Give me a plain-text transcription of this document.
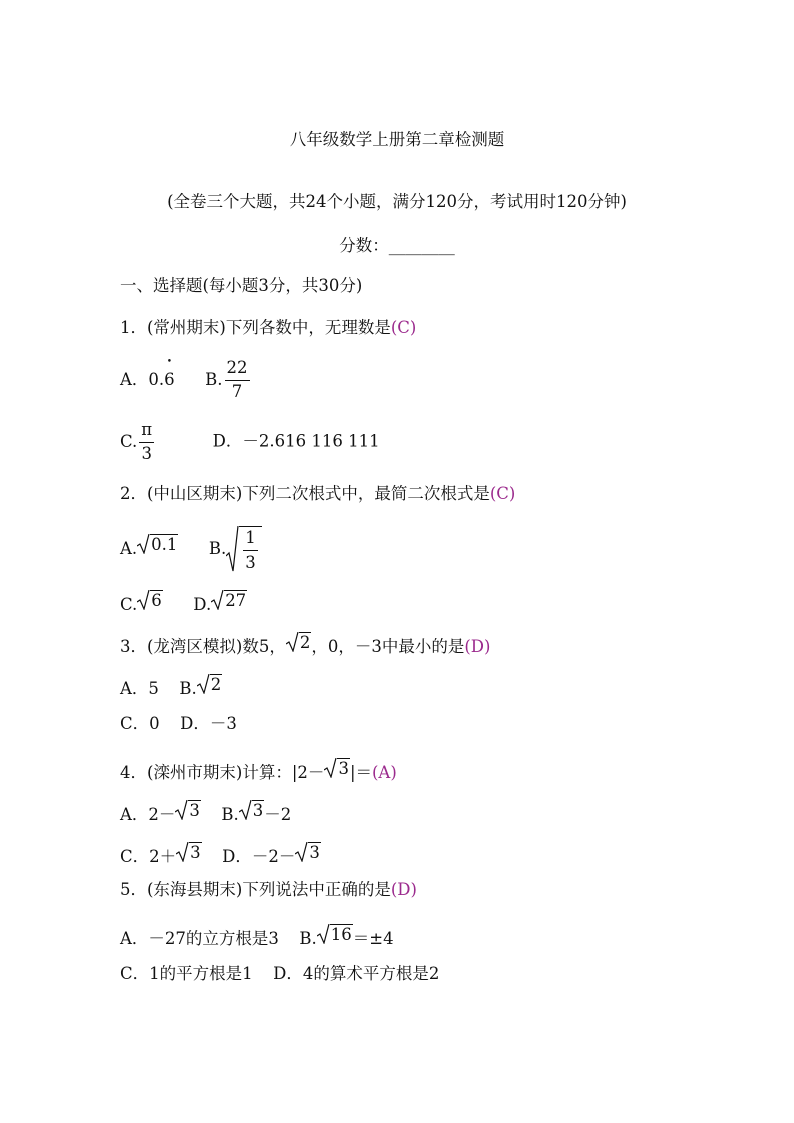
八年级数学上册第二章检测题
(全卷三个大题，共24个小题，满分120分，考试用时120分钟)
分数：________
一、选择题(每小题3分，共30分)
1．(常州期末)下列各数中，无理数是(C)
A．0.• 6 B. $\frac{22}{7}$
C. $\frac{\pi}{3}$	D．－2.616 116 111
2．(中山区期末)下列二次根式中，最简二次根式是(C)
A. 0.1 B. $\frac{1}{3}$
C. 6 D. 27
3．(龙湾区模拟)数5， 2 ，0，－3中最小的是(D)
A．5 B. 2
C．0 D．－3
4．(滦州市期末)计算：|2－ 3 |＝(A)
A．2－ 3 B. 3 －2
C．2＋ 3 D．－2－ 3
5．(东海县期末)下列说法中正确的是(D)
A．－27的立方根是3 B. 16 ＝±4
C．1的平方根是1 D．4的算术平方根是2
